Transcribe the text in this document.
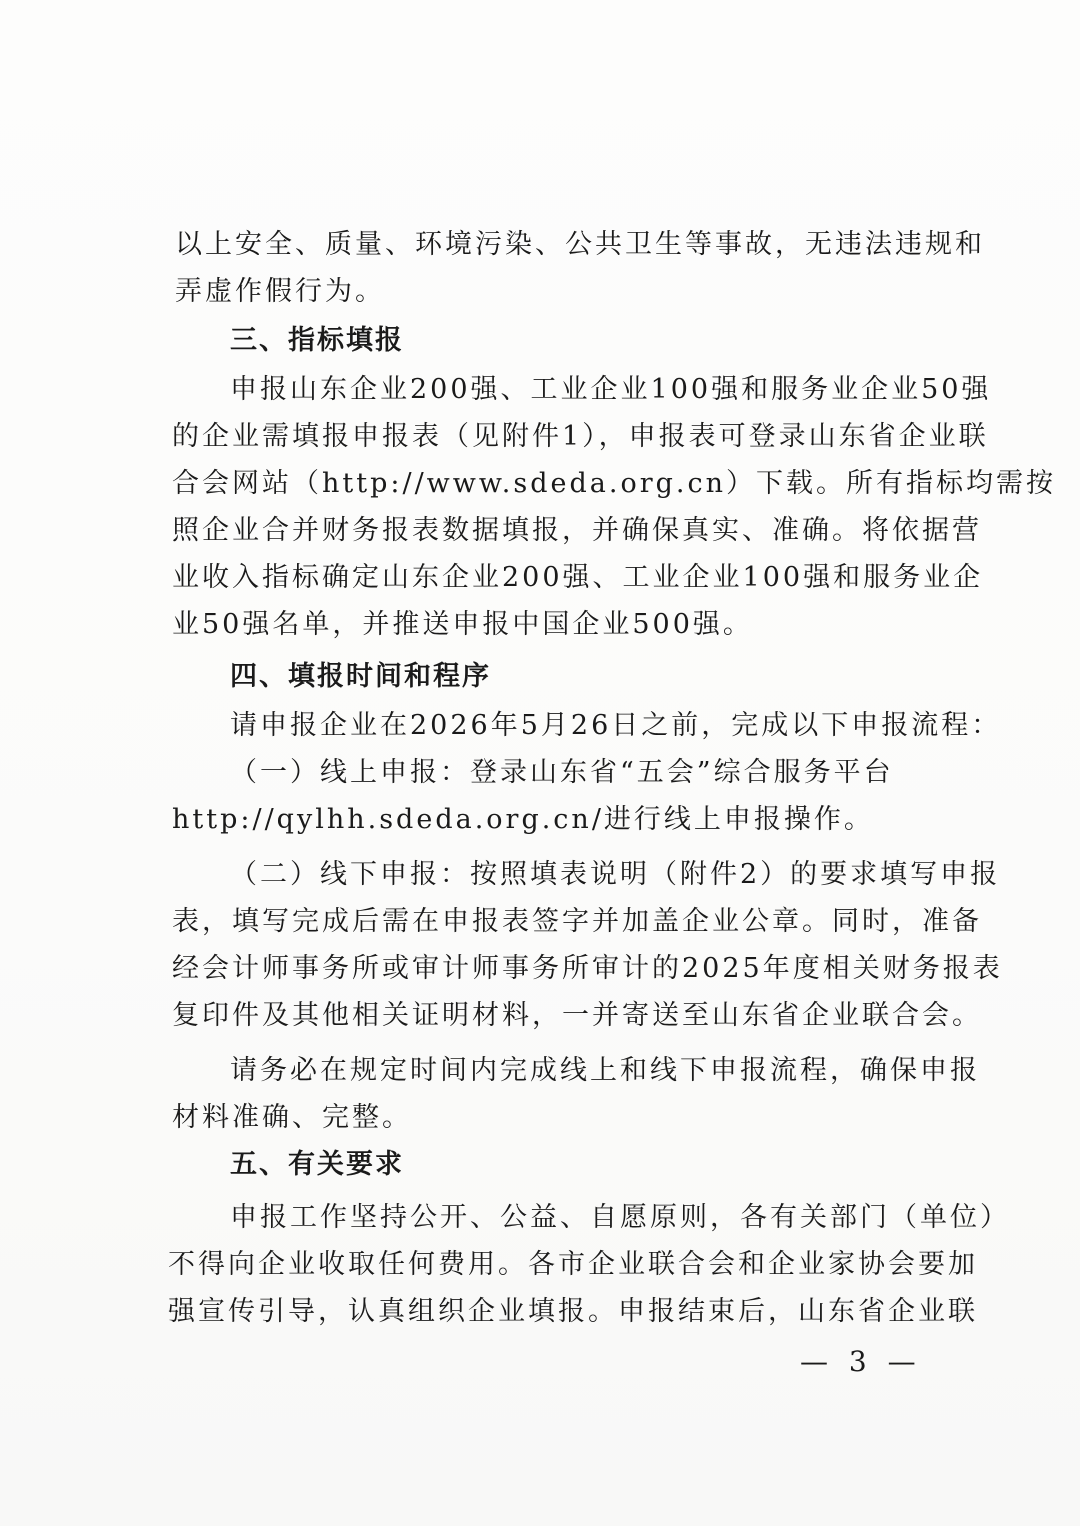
以上安全、质量、环境污染、公共卫生等事故，无违法违规和
弄虚作假行为。
三、指标填报
申报山东企业200强、工业企业100强和服务业企业50强
的企业需填报申报表（见附件1），申报表可登录山东省企业联
合会网站（http://www.sdeda.org.cn）下载。所有指标均需按
照企业合并财务报表数据填报，并确保真实、准确。将依据营
业收入指标确定山东企业200强、工业企业100强和服务业企
业50强名单，并推送申报中国企业500强。
四、填报时间和程序
请申报企业在2026年5月26日之前，完成以下申报流程：
（一）线上申报：登录山东省“五会”综合服务平台
http://qylhh.sdeda.org.cn/进行线上申报操作。
（二）线下申报：按照填表说明（附件2）的要求填写申报
表，填写完成后需在申报表签字并加盖企业公章。同时，准备
经会计师事务所或审计师事务所审计的2025年度相关财务报表
复印件及其他相关证明材料，一并寄送至山东省企业联合会。
请务必在规定时间内完成线上和线下申报流程，确保申报
材料准确、完整。
五、有关要求
申报工作坚持公开、公益、自愿原则，各有关部门（单位）
不得向企业收取任何费用。各市企业联合会和企业家协会要加
强宣传引导，认真组织企业填报。申报结束后，山东省企业联
— 3 —
